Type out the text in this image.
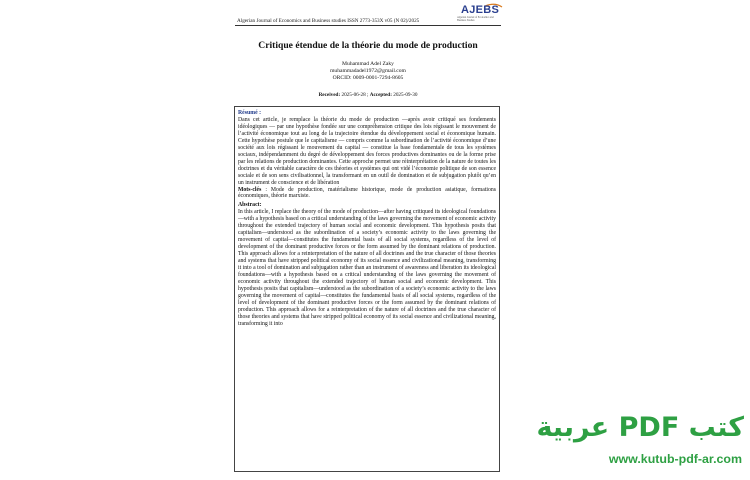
Algerian Journal of Economics and Business studies ISSN 2773-353X v05 (N 02)/2025
AJEBS
Algerian Journal of Economics and Business Studies
Critique étendue de la théorie du mode de production
Muhammad Adel Zaky
muhammadadel1972@gmail.com
ORCID: 0009-0001-7294-8605
Received: 2025-06-28 ; Accepted: 2025-09-30
Résumé :

Dans cet article, je remplace la théorie du mode de production —après avoir critiqué ses fondements idéologiques — par une hypothèse fondée sur une compréhension critique des lois régissant le mouvement de l’activité économique tout au long de la trajectoire étendue du développement social et économique humain. Cette hypothèse postule que le capitalisme — compris comme la subordination de l’activité économique d’une société aux lois régissant le mouvement du capital — constitue la base fondamentale de tous les systèmes sociaux, indépendamment du degré de développement des forces productives dominantes ou de la forme prise par les relations de production dominantes. Cette approche permet une réinterprétation de la nature de toutes les doctrines et du véritable caractère de ces théories et systèmes qui ont vidé l’économie politique de son essence sociale et de son sens civilisationnel, la transformant en un outil de domination et de subjugation plutôt qu’en un instrument de conscience et de libération

Mots-clés : Mode de production, matérialisme historique, mode de production asiatique, formations économiques, théorie marxiste.

Abstract:

In this article, I replace the theory of the mode of production—after having critiqued its ideological foundations—with a hypothesis based on a critical understanding of the laws governing the movement of economic activity throughout the extended trajectory of human social and economic development. This hypothesis posits that capitalism—understood as the subordination of a society’s economic activity to the laws governing the movement of capital—constitutes the fundamental basis of all social systems, regardless of the level of development of the dominant productive forces or the form assumed by the dominant relations of production. This approach allows for a reinterpretation of the nature of all doctrines and the true character of those theories and systems that have stripped political economy of its social essence and civilizational meaning, transforming it into a tool of domination and subjugation rather than an instrument of awareness and liberation its ideological foundations—with a hypothesis based on a critical understanding of the laws governing the movement of economic activity throughout the extended trajectory of human social and economic development. This hypothesis posits that capitalism—understood as the subordination of a society’s economic activity to the laws governing the movement of capital—constitutes the fundamental basis of all social systems, regardless of the level of development of the dominant productive forces or the form assumed by the dominant relations of production. This approach allows for a reinterpretation of the nature of all doctrines and the true character of those theories and systems that have stripped political economy of its social essence and civilizational meaning, transforming it into

كتب PDF عربية
www.kutub-pdf-ar.com
